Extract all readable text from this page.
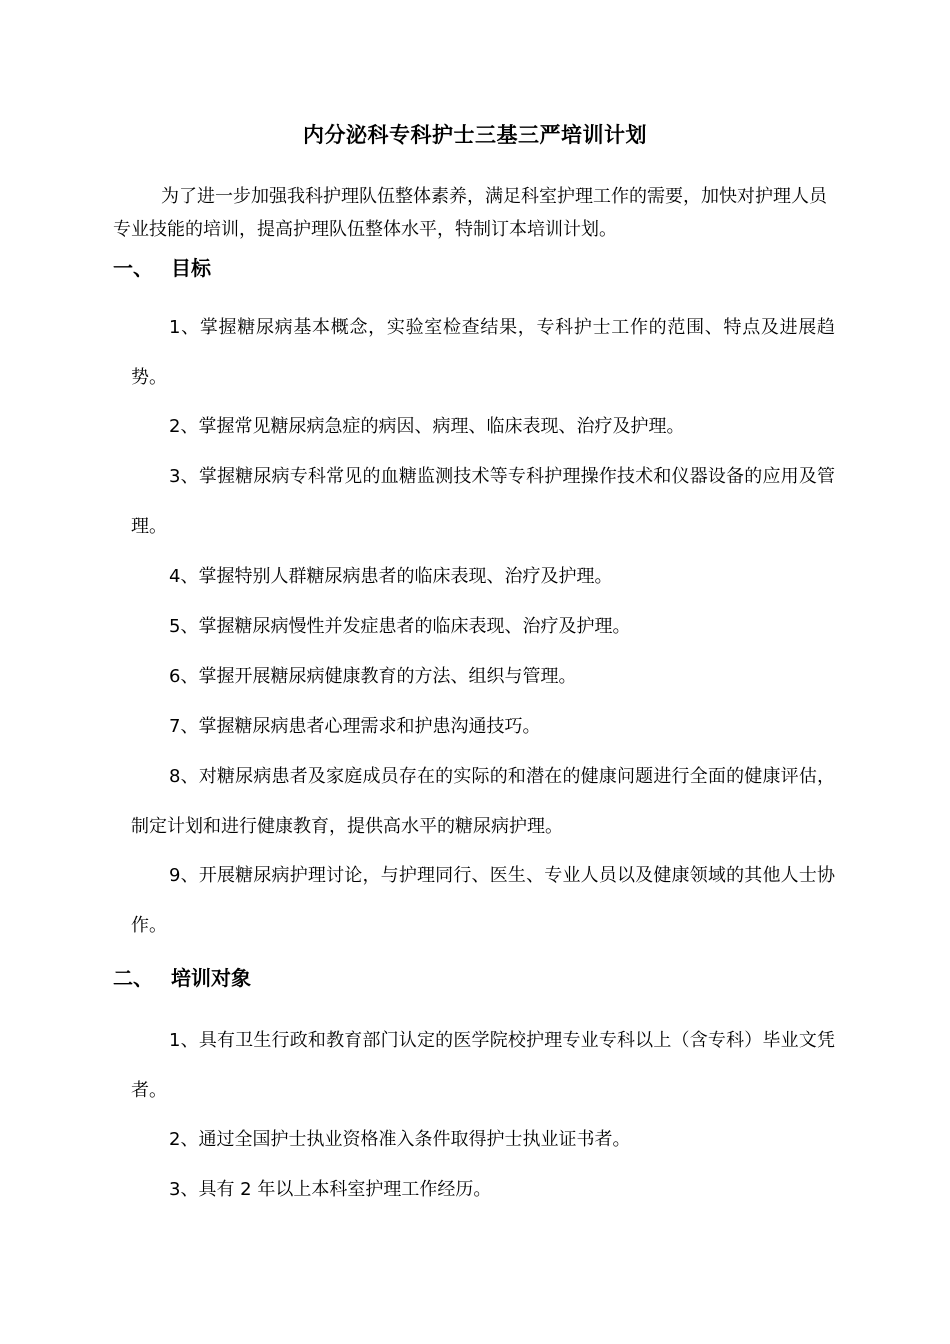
内分泌科专科护士三基三严培训计划
为了进一步加强我科护理队伍整体素养，满足科室护理工作的需要，加快对护理人员专业技能的培训，提高护理队伍整体水平，特制订本培训计划。
一、 目标
1、掌握糖尿病基本概念，实验室检查结果，专科护士工作的范围、特点及进展趋势。
2、掌握常见糖尿病急症的病因、病理、临床表现、治疗及护理。
3、掌握糖尿病专科常见的血糖监测技术等专科护理操作技术和仪器设备的应用及管理。
4、掌握特别人群糖尿病患者的临床表现、治疗及护理。
5、掌握糖尿病慢性并发症患者的临床表现、治疗及护理。
6、掌握开展糖尿病健康教育的方法、组织与管理。
7、掌握糖尿病患者心理需求和护患沟通技巧。
8、对糖尿病患者及家庭成员存在的实际的和潜在的健康问题进行全面的健康评估，制定计划和进行健康教育，提供高水平的糖尿病护理。
9、开展糖尿病护理讨论，与护理同行、医生、专业人员以及健康领域的其他人士协作。
二、 培训对象
1、具有卫生行政和教育部门认定的医学院校护理专业专科以上（含专科）毕业文凭者。
2、通过全国护士执业资格准入条件取得护士执业证书者。
3、具有 2 年以上本科室护理工作经历。
